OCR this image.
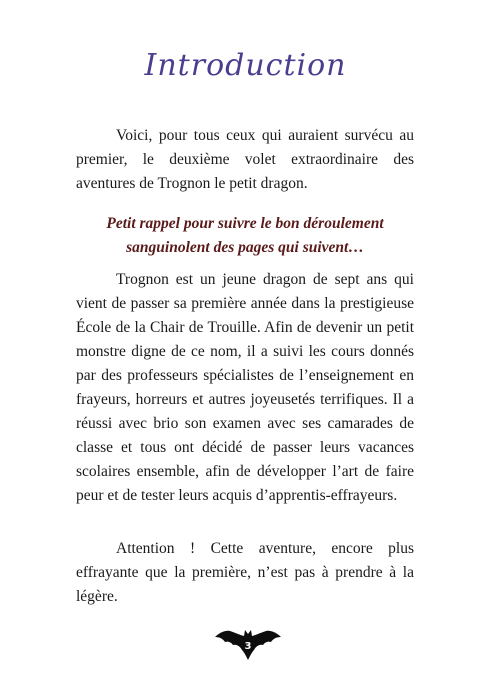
Introduction

Voici, pour tous ceux qui auraient survécu au premier, le deuxième volet extraordinaire des aventures de Trognon le petit dragon.

Petit rappel pour suivre le bon déroulement sanguinolent des pages qui suivent…

Trognon est un jeune dragon de sept ans qui vient de passer sa première année dans la prestigieuse École de la Chair de Trouille. Afin de devenir un petit monstre digne de ce nom, il a suivi les cours donnés par des professeurs spécialistes de l’enseignement en frayeurs, horreurs et autres joyeusetés terrifiques. Il a réussi avec brio son examen avec ses camarades de classe et tous ont décidé de passer leurs vacances scolaires ensemble, afin de développer l’art de faire peur et de tester leurs acquis d’apprentis-effrayeurs.

Attention ! Cette aventure, encore plus effrayante que la première, n’est pas à prendre à la légère.

3
